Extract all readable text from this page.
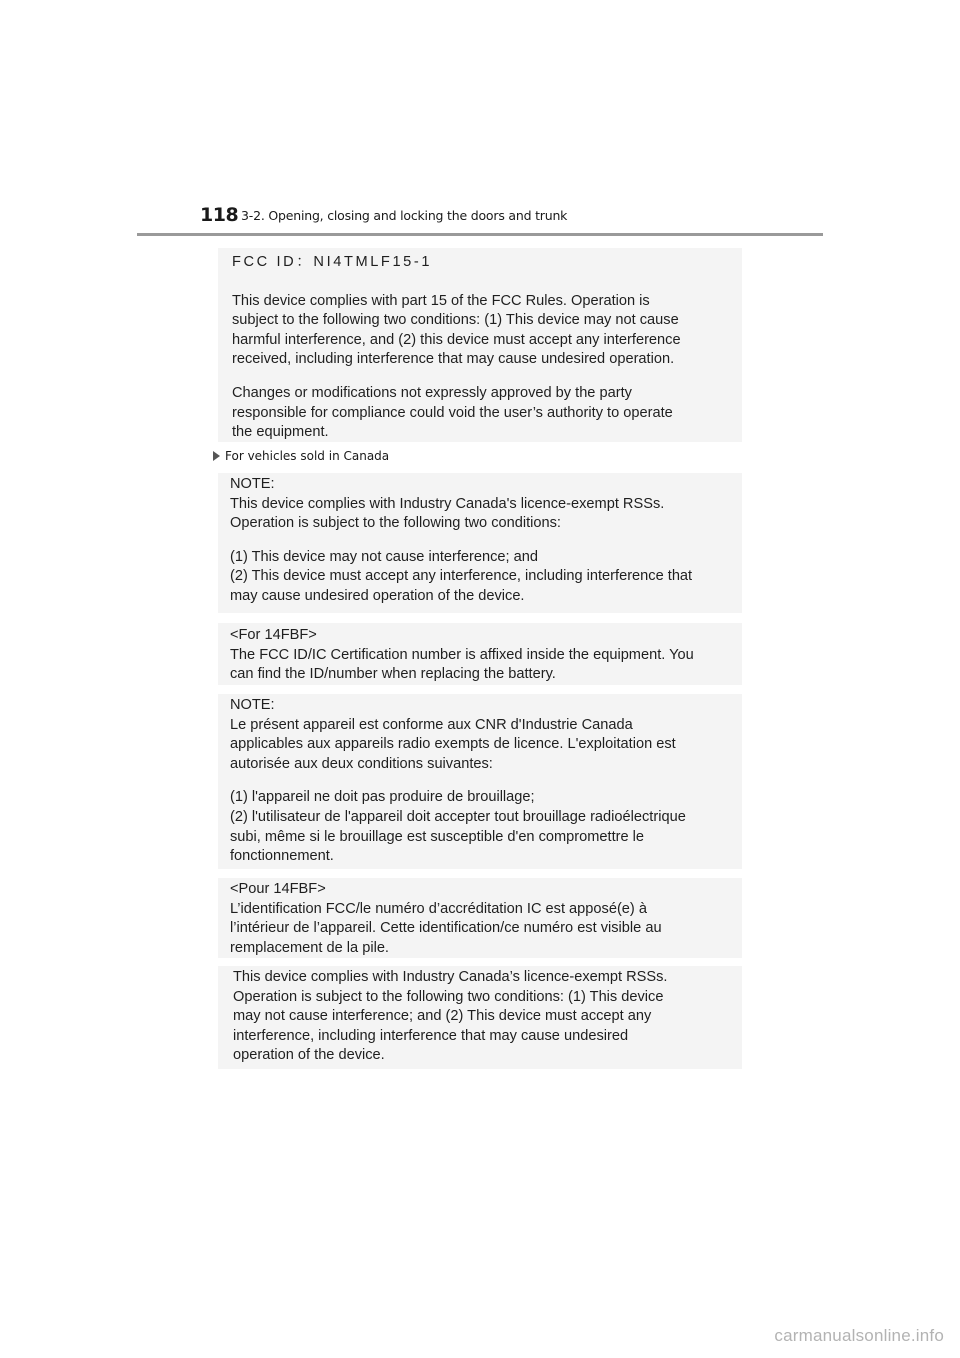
118 3-2. Opening, closing and locking the doors and trunk

FCC ID：NI4TMLF15-1

This device complies with part 15 of the FCC Rules. Operation is
subject to the following two conditions: (1) This device may not cause
harmful interference, and (2) this device must accept any interference
received, including interference that may cause undesired operation.

Changes or modifications not expressly approved by the party
responsible for compliance could void the user’s authority to operate
the equipment.

For vehicles sold in Canada

NOTE:

This device complies with Industry Canada's licence-exempt RSSs.
Operation is subject to the following two conditions:

(1) This device may not cause interference; and
(2) This device must accept any interference, including interference that
may cause undesired operation of the device.

<For 14FBF>

The FCC ID/IC Certification number is affixed inside the equipment. You
can find the ID/number when replacing the battery.

NOTE:

Le présent appareil est conforme aux CNR d'Industrie Canada
applicables aux appareils radio exempts de licence. L'exploitation est
autorisée aux deux conditions suivantes:

(1) l'appareil ne doit pas produire de brouillage;
(2) l'utilisateur de l'appareil doit accepter tout brouillage radioélectrique
subi, même si le brouillage est susceptible d'en compromettre le
fonctionnement.

<Pour 14FBF>

L’identification FCC/le numéro d’accréditation IC est apposé(e) à
l’intérieur de l’appareil. Cette identification/ce numéro est visible au
remplacement de la pile.

This device complies with Industry Canada’s licence-exempt RSSs.
Operation is subject to the following two conditions: (1) This device
may not cause interference; and (2) This device must accept any
interference, including interference that may cause undesired
operation of the device.

carmanualsonline.info
